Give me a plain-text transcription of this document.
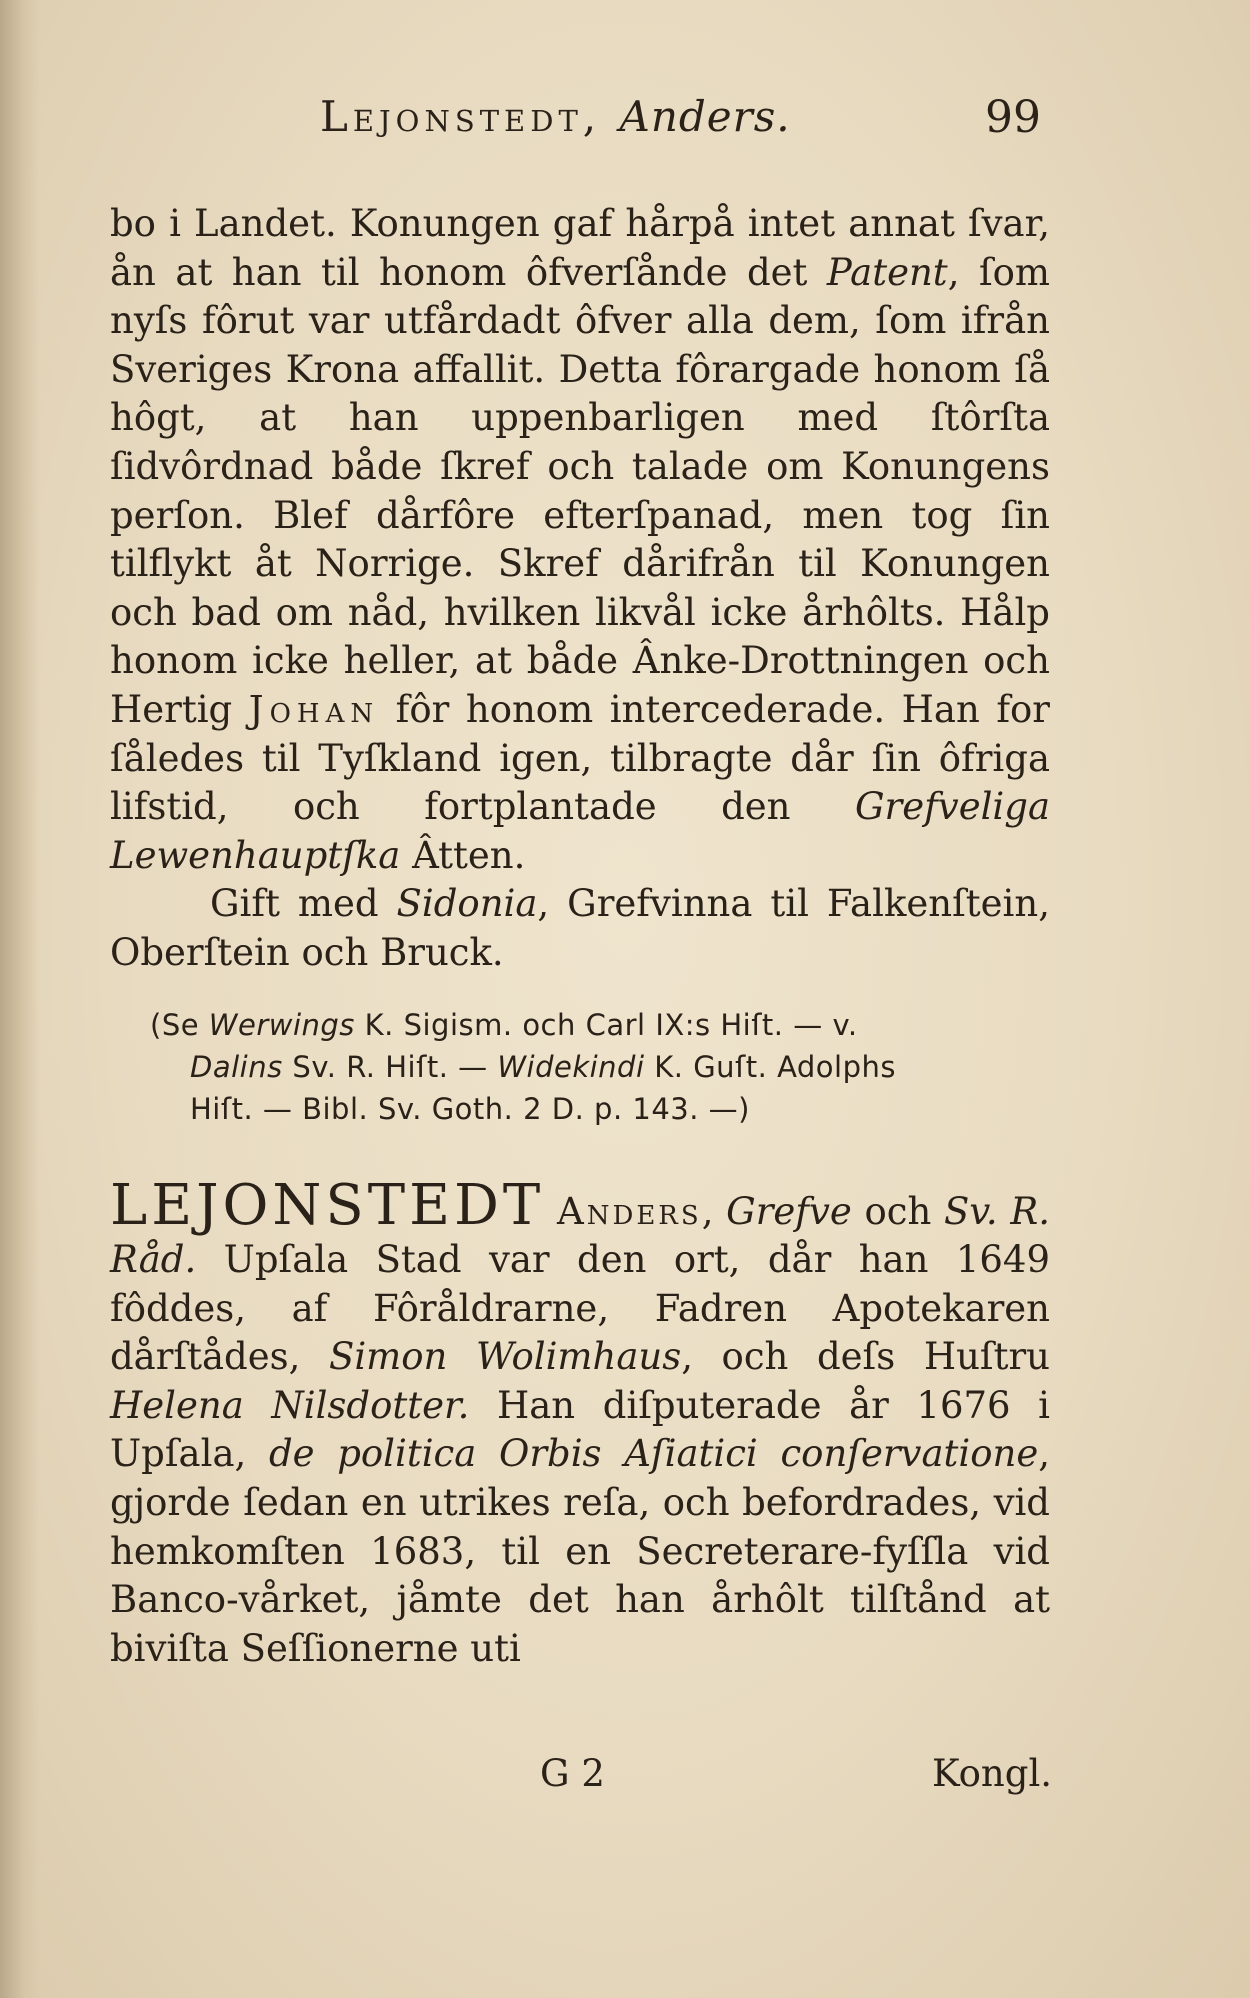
Lejonstedt, Anders.	99

bo i Landet. Konungen gaf hårpå intet annat ſvar, ån at han til honom ôfverſånde det Patent, ſom nyſs fôrut var utfårdadt ôfver alla dem, ſom ifrån Sveriges Krona affallit. Detta fôrargade honom ſå hôgt, at han uppenbarligen med ſtôrſta ſidvôrdnad både ſkref och talade om Konungens perſon. Blef dårfôre efterſpanad, men tog ſin tilflykt åt Norrige. Skref dårifrån til Konungen och bad om nåd, hvilken likvål icke århôlts. Hålp honom icke heller, at både Ânke-Drottningen och Hertig Johan fôr honom intercederade. Han for ſåledes til Tyſkland igen, tilbragte dår ſin ôfriga lifstid, och fortplantade den Grefveliga Lewenhauptſka Âtten.

Gift med Sidonia, Grefvinna til Falkenſtein, Oberſtein och Bruck.

(Se Werwings K. Sigism. och Carl IX:s Hiſt. — v.

Dalins Sv. R. Hiſt. — Widekindi K. Guſt. Adolphs

Hiſt. — Bibl. Sv. Goth. 2 D. p. 143. —)

LEJONSTEDT Anders, Grefve och Sv. R. Råd. Upſala Stad var den ort, dår han 1649 fôddes, af Fôråldrarne, Fadren Apotekaren dårſtådes, Simon Wolimhaus, och deſs Huſtru Helena Nilsdotter. Han diſputerade år 1676 i Upſala, de politica Orbis Aſiatici conſervatione, gjorde ſedan en utrikes reſa, och befordrades, vid hemkomſten 1683, til en Secreterare-fyſſla vid Banco-vårket, jåmte det han århôlt tilſtånd at biviſta Seſſionerne uti

G 2	Kongl.
